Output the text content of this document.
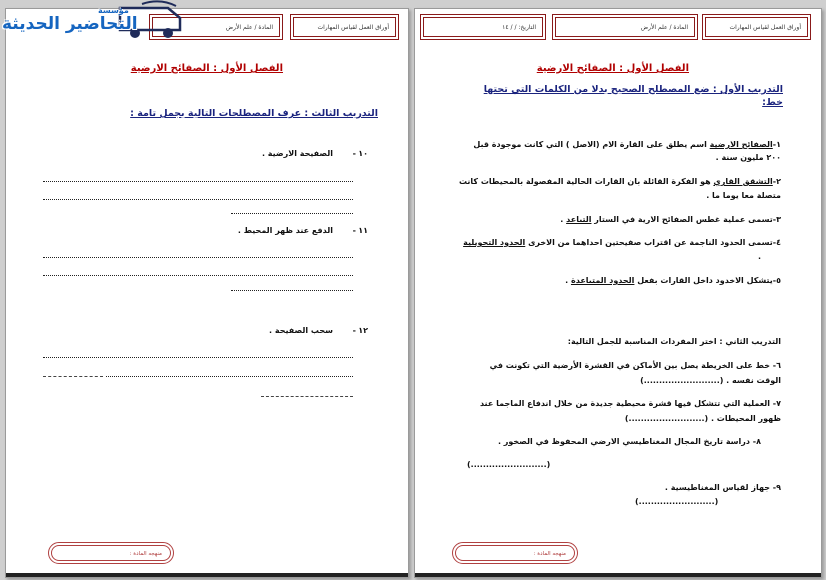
أوراق العمل لقياس المهارات
المادة / علم الأرض
الفصل الأول : الصفائح الارضية
التدريب الثالث : عرف المصطلحات التالية بجمل تامة :
١٠
-
الصفيحة الارضية .
١١
-
الدفع عند ظهر المحيط .
١٢
-
سحب الصفيحة .
منهجه المادة :
أوراق العمل لقياس المهارات
المادة / علم الأرض
التاريخ: / / ١٤
الفصل الأول : الصفائح الارضية
التدريب الأول : ضع المصطلح الصحيح بدلا من الكلمات التي تحتها
خط:
١-الصفائح الارضية اسم يطلق على القارة الام (الاصل ) التي كانت موجودة قبل
٢٠٠ مليون سنة .
٢-التشقق القاري هو الفكرة القائلة بان القارات الحالية المفصولة بالمحيطات كانت
متصلة معا يوما ما .
٣-تسمى عملية غطس الصفائح الارية في الستار التباعد .
٤-تسمى الحدود الناجمة عن اقتراب صفيحتين احداهما من الاخرى الحدود التحويلية
.
٥-يتشكل الاخدود داخل القارات بفعل الحدود المتباعدة .
التدريب الثاني : اختر المفردات المناسبة للجمل التالية:
٦- خط على الخريطة يصل بين الأماكن في القشرة الأرضية التي تكونت في
الوقت نفسه . (.........................)
٧- العملية التي تتشكل فيها قشرة محيطية جديدة من خلال اندفاع الماجما عند
ظهور المحيطات . (.........................)
٨- دراسة تاريخ المجال المغناطيسي الارضي المحفوظ في الصخور .
(.........................)
٩- جهاز لقياس المغناطيسية .
(.........................)
منهجه المادة :
مؤسسة
التحاضير الحديثة
